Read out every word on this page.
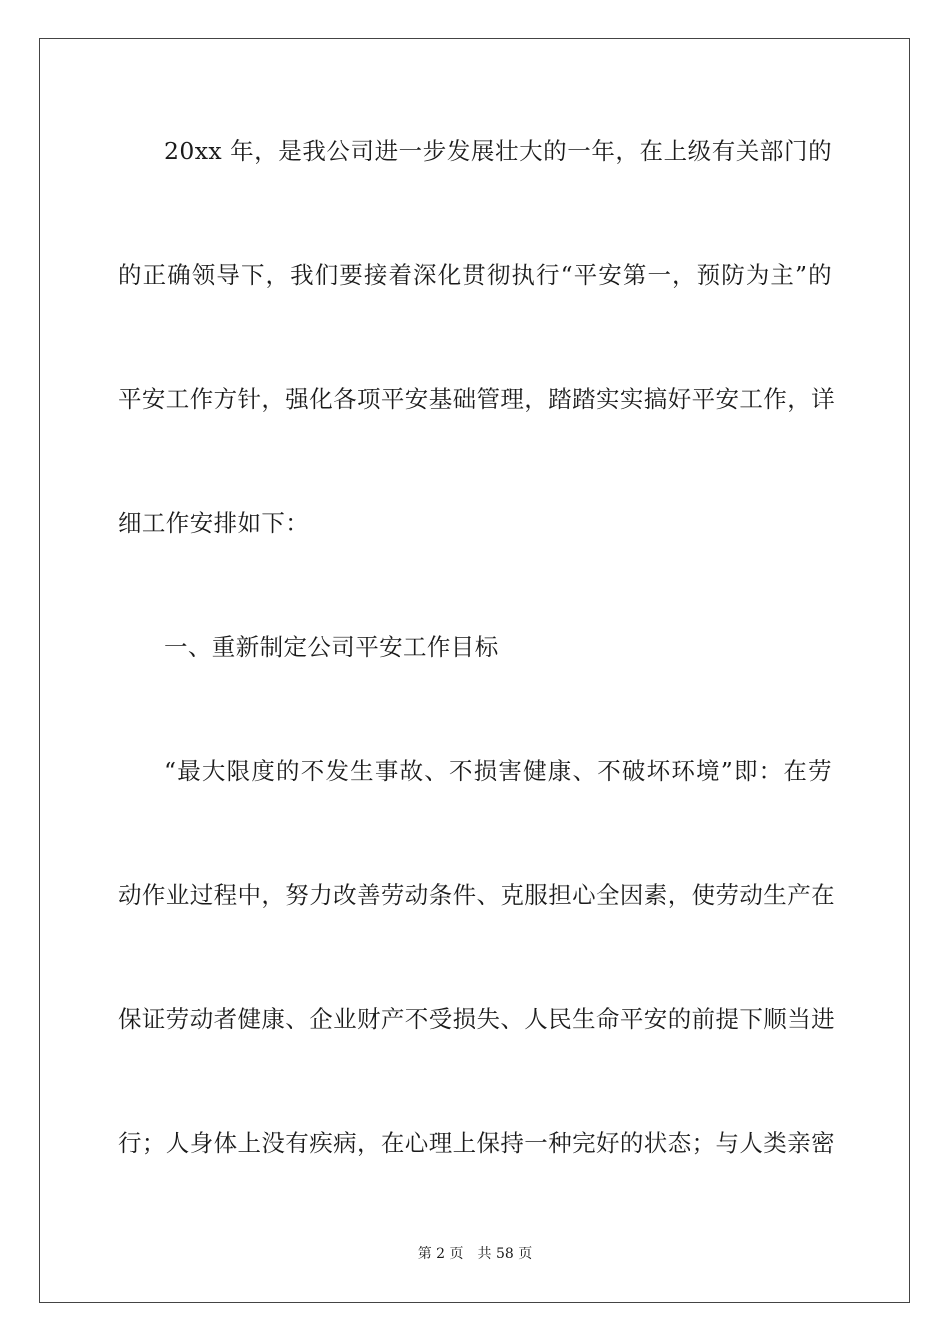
20xx 年，是我公司进一步发展壮大的一年，在上级有关部门的
的正确领导下，我们要接着深化贯彻执行“平安第一，预防为主”的
平安工作方针，强化各项平安基础管理，踏踏实实搞好平安工作，详
细工作安排如下：
一、重新制定公司平安工作目标
“最大限度的不发生事故、不损害健康、不破坏环境”即：在劳
动作业过程中，努力改善劳动条件、克服担心全因素，使劳动生产在
保证劳动者健康、企业财产不受损失、人民生命平安的前提下顺当进
行；人身体上没有疾病，在心理上保持一种完好的状态；与人类亲密
第 2 页 共 58 页
